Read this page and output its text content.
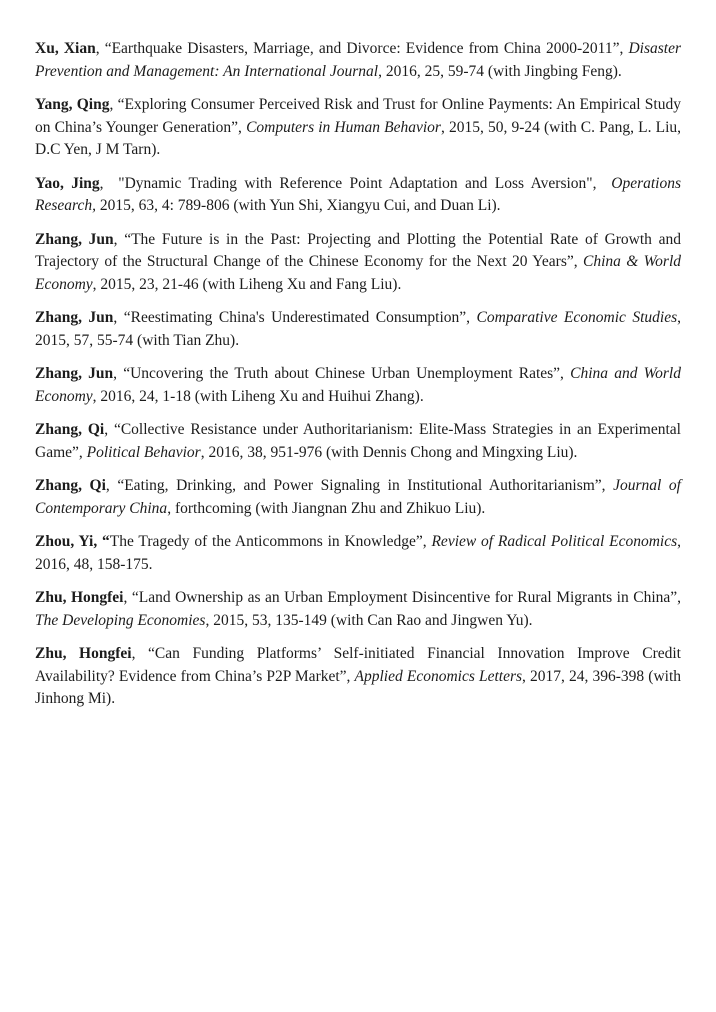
Xu, Xian, “Earthquake Disasters, Marriage, and Divorce: Evidence from China 2000-2011”, Disaster Prevention and Management: An International Journal, 2016, 25, 59-74 (with Jingbing Feng).

Yang, Qing, “Exploring Consumer Perceived Risk and Trust for Online Payments: An Empirical Study on China’s Younger Generation”, Computers in Human Behavior, 2015, 50, 9-24 (with C. Pang, L. Liu, D.C Yen, J M Tarn).

Yao, Jing,  "Dynamic Trading with Reference Point Adaptation and Loss Aversion",  Operations Research, 2015, 63, 4: 789-806 (with Yun Shi, Xiangyu Cui, and Duan Li).

Zhang, Jun, “The Future is in the Past: Projecting and Plotting the Potential Rate of Growth and Trajectory of the Structural Change of the Chinese Economy for the Next 20 Years”, China & World Economy, 2015, 23, 21-46 (with Liheng Xu and Fang Liu).

Zhang, Jun, “Reestimating China's Underestimated Consumption”, Comparative Economic Studies, 2015, 57, 55-74 (with Tian Zhu).

Zhang, Jun, “Uncovering the Truth about Chinese Urban Unemployment Rates”, China and World Economy, 2016, 24, 1-18 (with Liheng Xu and Huihui Zhang).

Zhang, Qi, “Collective Resistance under Authoritarianism: Elite-Mass Strategies in an Experimental Game”, Political Behavior, 2016, 38, 951-976 (with Dennis Chong and Mingxing Liu).

Zhang, Qi, “Eating, Drinking, and Power Signaling in Institutional Authoritarianism”, Journal of Contemporary China, forthcoming (with Jiangnan Zhu and Zhikuo Liu).

Zhou, Yi, “The Tragedy of the Anticommons in Knowledge”, Review of Radical Political Economics, 2016, 48, 158-175.

Zhu, Hongfei, “Land Ownership as an Urban Employment Disincentive for Rural Migrants in China”, The Developing Economies, 2015, 53, 135-149 (with Can Rao and Jingwen Yu).

Zhu, Hongfei, “Can Funding Platforms’ Self-initiated Financial Innovation Improve Credit Availability? Evidence from China’s P2P Market”, Applied Economics Letters, 2017, 24, 396-398 (with Jinhong Mi).
